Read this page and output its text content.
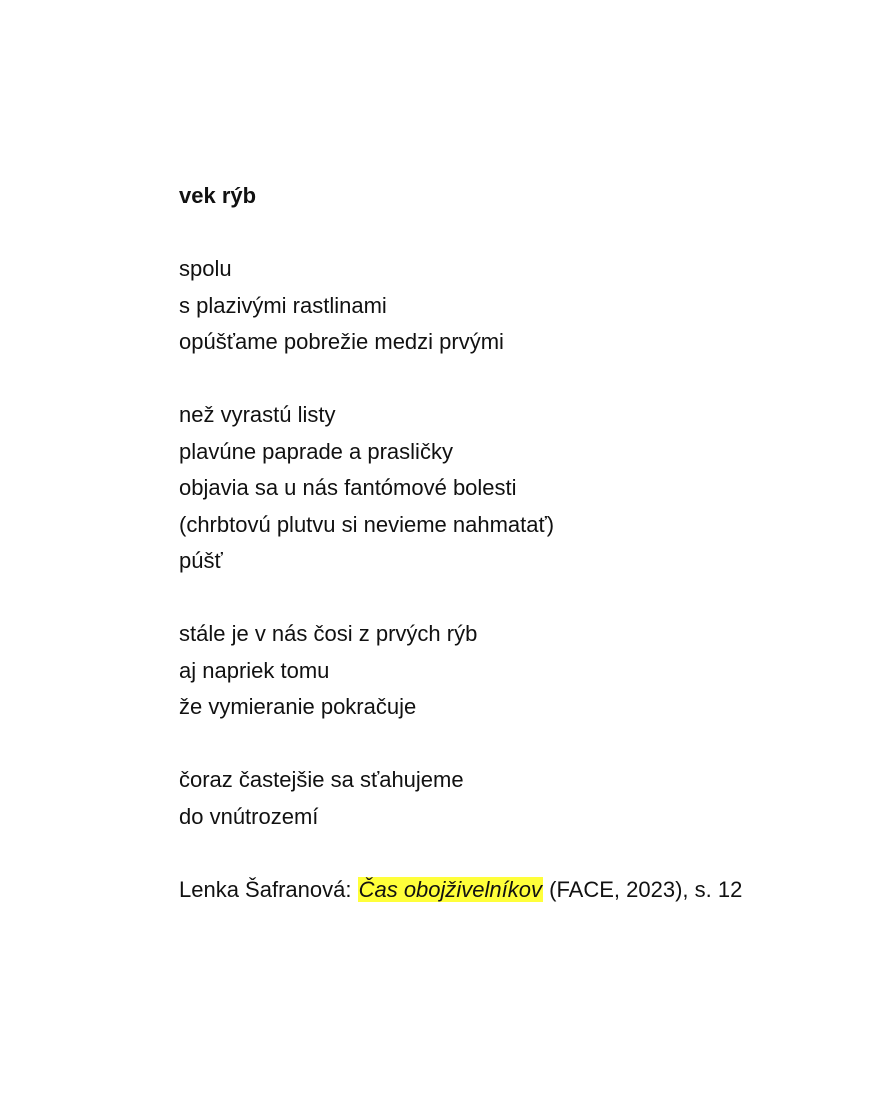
vek rýb
spolu
s plazivými rastlinami
opúšťame pobrežie medzi prvými
než vyrastú listy
plavúne paprade a prasličky
objavia sa u nás fantómové bolesti
(chrbtovú plutvu si nevieme nahmatať)
púšť
stále je v nás čosi z prvých rýb
aj napriek tomu
že vymieranie pokračuje
čoraz častejšie sa sťahujeme
do vnútrozemí
Lenka Šafranová: Čas obojživelníkov (FACE, 2023), s. 12
